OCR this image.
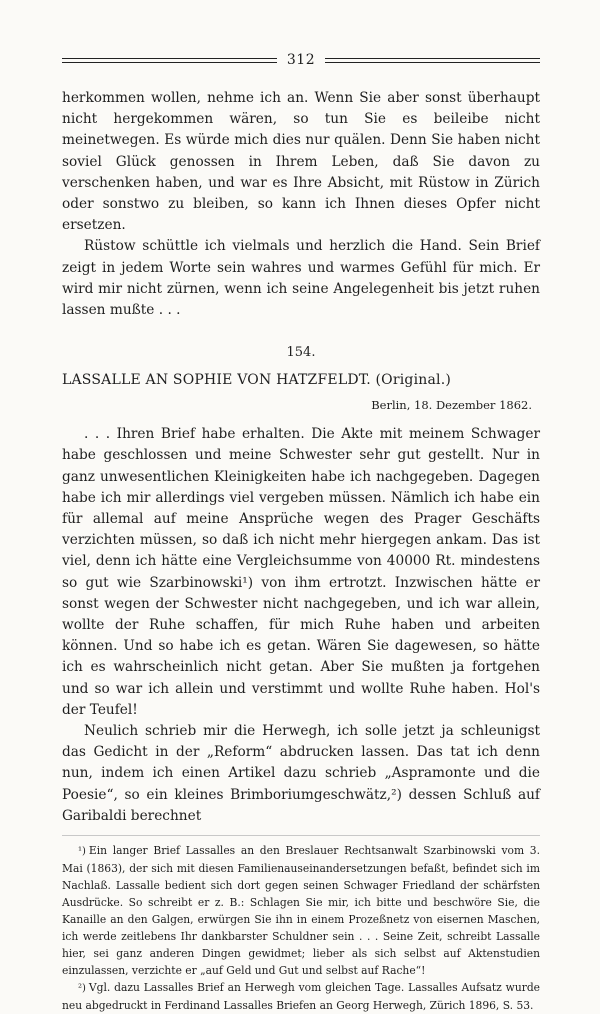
312

herkommen wollen, nehme ich an. Wenn Sie aber sonst überhaupt nicht hergekommen wären, so tun Sie es beileibe nicht meinetwegen. Es würde mich dies nur quälen. Denn Sie haben nicht soviel Glück genossen in Ihrem Leben, daß Sie davon zu verschenken haben, und war es Ihre Absicht, mit Rüstow in Zürich oder sonstwo zu bleiben, so kann ich Ihnen dieses Opfer nicht ersetzen.

Rüstow schüttle ich vielmals und herzlich die Hand. Sein Brief zeigt in jedem Worte sein wahres und warmes Gefühl für mich. Er wird mir nicht zürnen, wenn ich seine Angelegenheit bis jetzt ruhen lassen mußte . . .

154.
LASSALLE AN SOPHIE VON HATZFELDT. (Original.)
Berlin, 18. Dezember 1862.

. . . Ihren Brief habe erhalten. Die Akte mit meinem Schwager habe geschlossen und meine Schwester sehr gut gestellt. Nur in ganz unwesentlichen Kleinigkeiten habe ich nachgegeben. Dagegen habe ich mir allerdings viel vergeben müssen. Nämlich ich habe ein für allemal auf meine Ansprüche wegen des Prager Geschäfts verzichten müssen, so daß ich nicht mehr hiergegen ankam. Das ist viel, denn ich hätte eine Vergleichsumme von 40000 Rt. mindestens so gut wie Szarbinowski¹) von ihm ertrotzt. Inzwischen hätte er sonst wegen der Schwester nicht nachgegeben, und ich war allein, wollte der Ruhe schaffen, für mich Ruhe haben und arbeiten können. Und so habe ich es getan. Wären Sie dagewesen, so hätte ich es wahrscheinlich nicht getan. Aber Sie mußten ja fortgehen und so war ich allein und verstimmt und wollte Ruhe haben. Hol's der Teufel!

Neulich schrieb mir die Herwegh, ich solle jetzt ja schleunigst das Gedicht in der „Reform“ abdrucken lassen. Das tat ich denn nun, indem ich einen Artikel dazu schrieb „Aspramonte und die Poesie“, so ein kleines Brimboriumgeschwätz,²) dessen Schluß auf Garibaldi berechnet

¹) Ein langer Brief Lassalles an den Breslauer Rechtsanwalt Szarbinowski vom 3. Mai (1863), der sich mit diesen Familienauseinandersetzungen befaßt, befindet sich im Nachlaß. Lassalle bedient sich dort gegen seinen Schwager Friedland der schärfsten Ausdrücke. So schreibt er z. B.: Schlagen Sie mir, ich bitte und beschwöre Sie, die Kanaille an den Galgen, erwürgen Sie ihn in einem Prozeßnetz von eisernen Maschen, ich werde zeitlebens Ihr dankbarster Schuldner sein . . . Seine Zeit, schreibt Lassalle hier, sei ganz anderen Dingen gewidmet; lieber als sich selbst auf Aktenstudien einzulassen, verzichte er „auf Geld und Gut und selbst auf Rache“!

²) Vgl. dazu Lassalles Brief an Herwegh vom gleichen Tage. Lassalles Aufsatz wurde neu abgedruckt in Ferdinand Lassalles Briefen an Georg Herwegh, Zürich 1896, S. 53.
